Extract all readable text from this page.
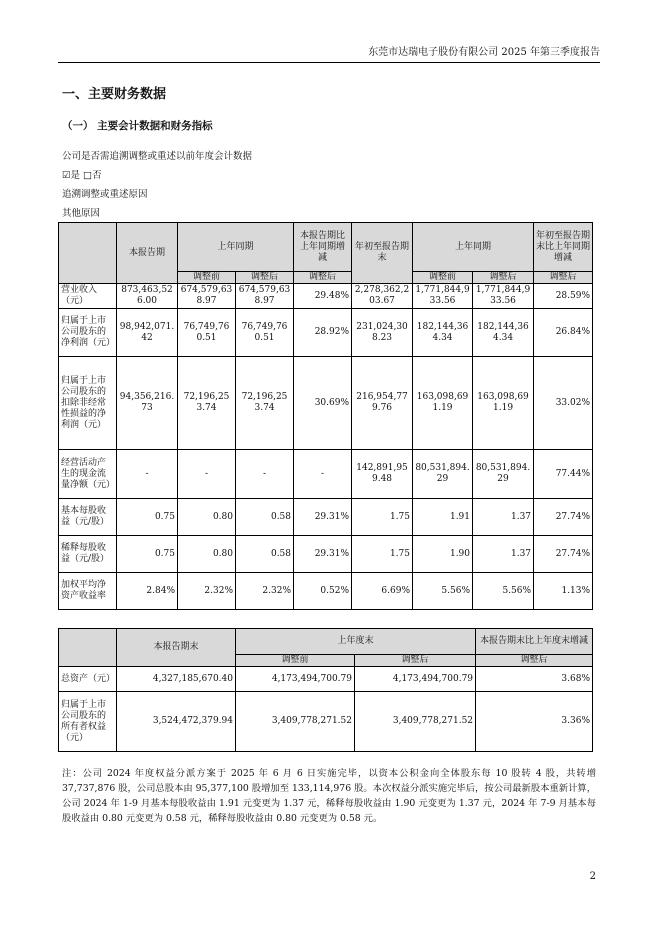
东莞市达瑞电子股份有限公司 2025 年第三季度报告
一、主要财务数据
（一） 主要会计数据和财务指标
公司是否需追溯调整或重述以前年度会计数据
☑是 □否
追溯调整或重述原因
其他原因
	本报告期	上年同期		本报告期比上年同期增减	年初至报告期末	上年同期		年初至报告期末比上年同期增减
		调整前	调整后	调整后		调整前	调整后	调整后
营业收入（元）	873,463,526.00	674,579,638.97	674,579,638.97	29.48%	2,278,362,203.67	1,771,844,933.56	1,771,844,933.56	28.59%
归属于上市公司股东的净利润（元）	98,942,071.42	76,749,760.51	76,749,760.51	28.92%	231,024,308.23	182,144,364.34	182,144,364.34	26.84%
归属于上市公司股东的扣除非经常性损益的净利润（元）	94,356,216.73	72,196,253.74	72,196,253.74	30.69%	216,954,779.76	163,098,691.19	163,098,691.19	33.02%
经营活动产生的现金流量净额（元）	-	-	-	-	142,891,959.48	80,531,894.29	80,531,894.29	77.44%
基本每股收益（元/股）	0.75	0.80	0.58	29.31%	1.75	1.91	1.37	27.74%
稀释每股收益（元/股）	0.75	0.80	0.58	29.31%	1.75	1.90	1.37	27.74%
加权平均净资产收益率	2.84%	2.32%	2.32%	0.52%	6.69%	5.56%	5.56%	1.13%
	本报告期末	上年度末		本报告期末比上年度末增减
		调整前	调整后	调整后
总资产（元）	4,327,185,670.40	4,173,494,700.79	4,173,494,700.79	3.68%
归属于上市公司股东的所有者权益（元）	3,524,472,379.94	3,409,778,271.52	3,409,778,271.52	3.36%
注：公司 2024 年度权益分派方案于 2025 年 6 月 6 日实施完毕，以资本公积金向全体股东每 10 股转 4 股，共转增 37,737,876 股，公司总股本由 95,377,100 股增加至 133,114,976 股。本次权益分派实施完毕后，按公司最新股本重新计算，公司 2024 年 1-9 月基本每股收益由 1.91 元变更为 1.37 元，稀释每股收益由 1.90 元变更为 1.37 元，2024 年 7-9 月基本每股收益由 0.80 元变更为 0.58 元，稀释每股收益由 0.80 元变更为 0.58 元。
2
